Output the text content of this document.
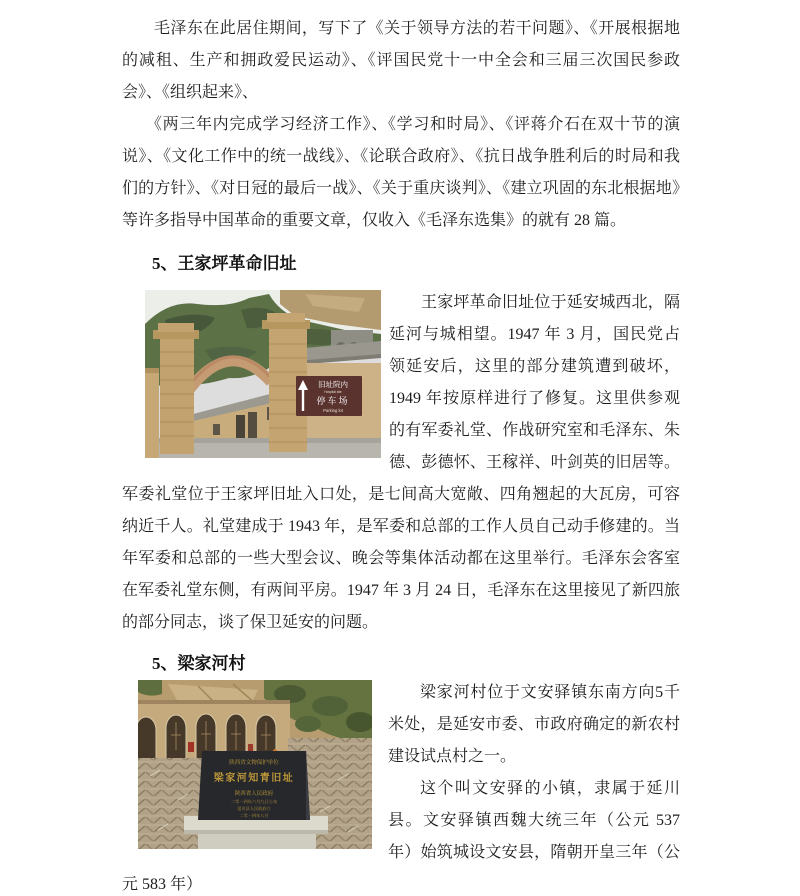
毛泽东在此居住期间，写下了《关于领导方法的若干问题》、《开展根据地的减租、生产和拥政爱民运动》、《评国民党十一中全会和三届三次国民参政会》、《组织起来》、

《两三年内完成学习经济工作》、《学习和时局》、《评蒋介石在双十节的演说》、《文化工作中的统一战线》、《论联合政府》、《抗日战争胜利后的时局和我们的方针》、《对日冠的最后一战》、《关于重庆谈判》、《建立巩固的东北根据地》等许多指导中国革命的重要文章，仅收入《毛泽东选集》的就有 28 篇。

5、王家坪革命旧址
旧址院内
Hospital site
停车场
Parking lot

王家坪革命旧址位于延安城西北，隔延河与城相望。1947 年 3 月，国民党占领延安后，这里的部分建筑遭到破坏，1949 年按原样进行了修复。这里供参观的有军委礼堂、作战研究室和毛泽东、朱德、彭德怀、王稼祥、叶剑英的旧居等。军委礼堂位于王家坪旧址入口处，是七间高大宽敞、四角翘起的大瓦房，可容纳近千人。礼堂建成于 1943 年，是军委和总部的工作人员自己动手修建的。当年军委和总部的一些大型会议、晚会等集体活动都在这里举行。毛泽东会客室在军委礼堂东侧，有两间平房。1947 年 3 月 24 日，毛泽东在这里接见了新四旅的部分同志，谈了保卫延安的问题。

5、梁家河村
陕西省文物保护单位
梁家河知青旧址
陕西省人民政府
二零一四年六月九日公布
延川县人民政府立
二零一四年八月

梁家河村位于文安驿镇东南方向5千米处，是延安市委、市政府确定的新农村建设试点村之一。

这个叫文安驿的小镇，隶属于延川县。文安驿镇西魏大统三年（公元 537 年）始筑城设文安县，隋朝开皇三年（公元 583 年）
